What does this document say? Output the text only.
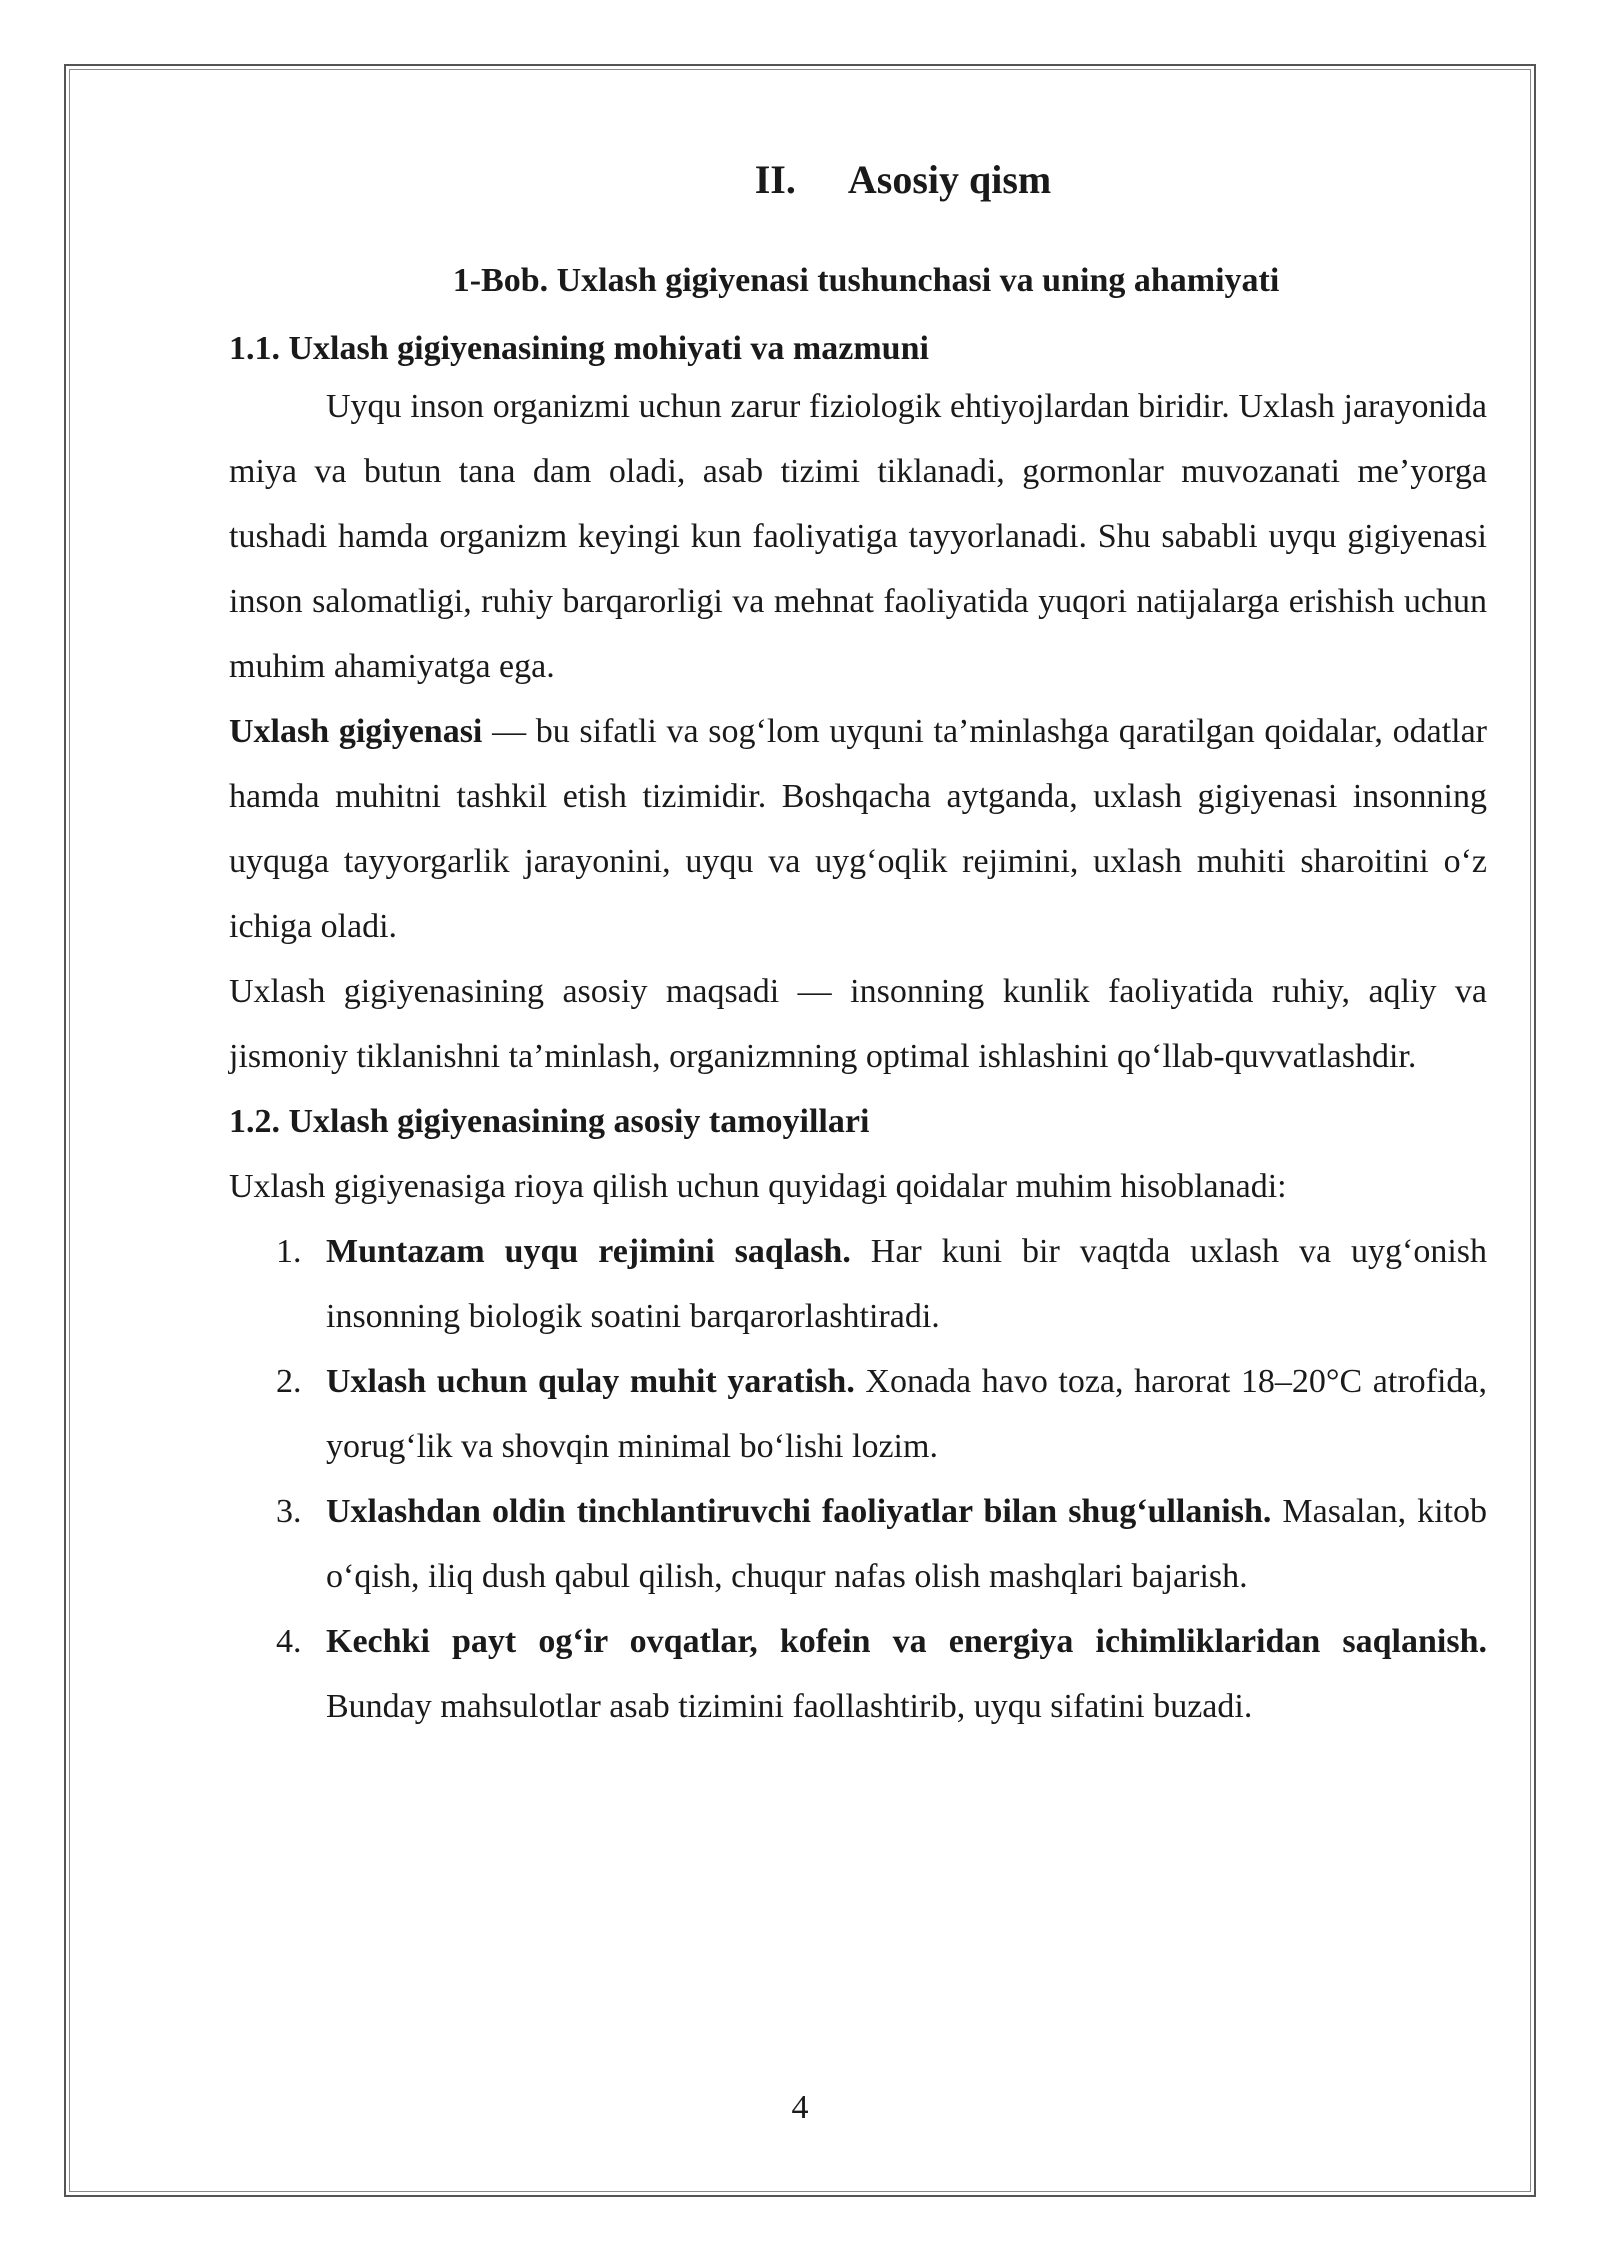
II. Asosiy qism
1-Bob. Uxlash gigiyenasi tushunchasi va uning ahamiyati
1.1. Uxlash gigiyenasining mohiyati va mazmuni

Uyqu inson organizmi uchun zarur fiziologik ehtiyojlardan biridir. Uxlash jarayonida miya va butun tana dam oladi, asab tizimi tiklanadi, gormonlar muvozanati me’yorga tushadi hamda organizm keyingi kun faoliyatiga tayyorlanadi. Shu sababli uyqu gigiyenasi inson salomatligi, ruhiy barqarorligi va mehnat faoliyatida yuqori natijalarga erishish uchun muhim ahamiyatga ega.

Uxlash gigiyenasi — bu sifatli va sog‘lom uyquni ta’minlashga qaratilgan qoidalar, odatlar hamda muhitni tashkil etish tizimidir. Boshqacha aytganda, uxlash gigiyenasi insonning uyquga tayyorgarlik jarayonini, uyqu va uyg‘oqlik rejimini, uxlash muhiti sharoitini o‘z ichiga oladi.

Uxlash gigiyenasining asosiy maqsadi — insonning kunlik faoliyatida ruhiy, aqliy va jismoniy tiklanishni ta’minlash, organizmning optimal ishlashini qo‘llab-quvvatlashdir.

1.2. Uxlash gigiyenasining asosiy tamoyillari

Uxlash gigiyenasiga rioya qilish uchun quyidagi qoidalar muhim hisoblanadi:

1. Muntazam uyqu rejimini saqlash. Har kuni bir vaqtda uxlash va uyg‘onish insonning biologik soatini barqarorlashtiradi.
2. Uxlash uchun qulay muhit yaratish. Xonada havo toza, harorat 18–20°C atrofida, yorug‘lik va shovqin minimal bo‘lishi lozim.
3. Uxlashdan oldin tinchlantiruvchi faoliyatlar bilan shug‘ullanish. Masalan, kitob o‘qish, iliq dush qabul qilish, chuqur nafas olish mashqlari bajarish.
4. Kechki payt og‘ir ovqatlar, kofein va energiya ichimliklaridan saqlanish. Bunday mahsulotlar asab tizimini faollashtirib, uyqu sifatini buzadi.
4
